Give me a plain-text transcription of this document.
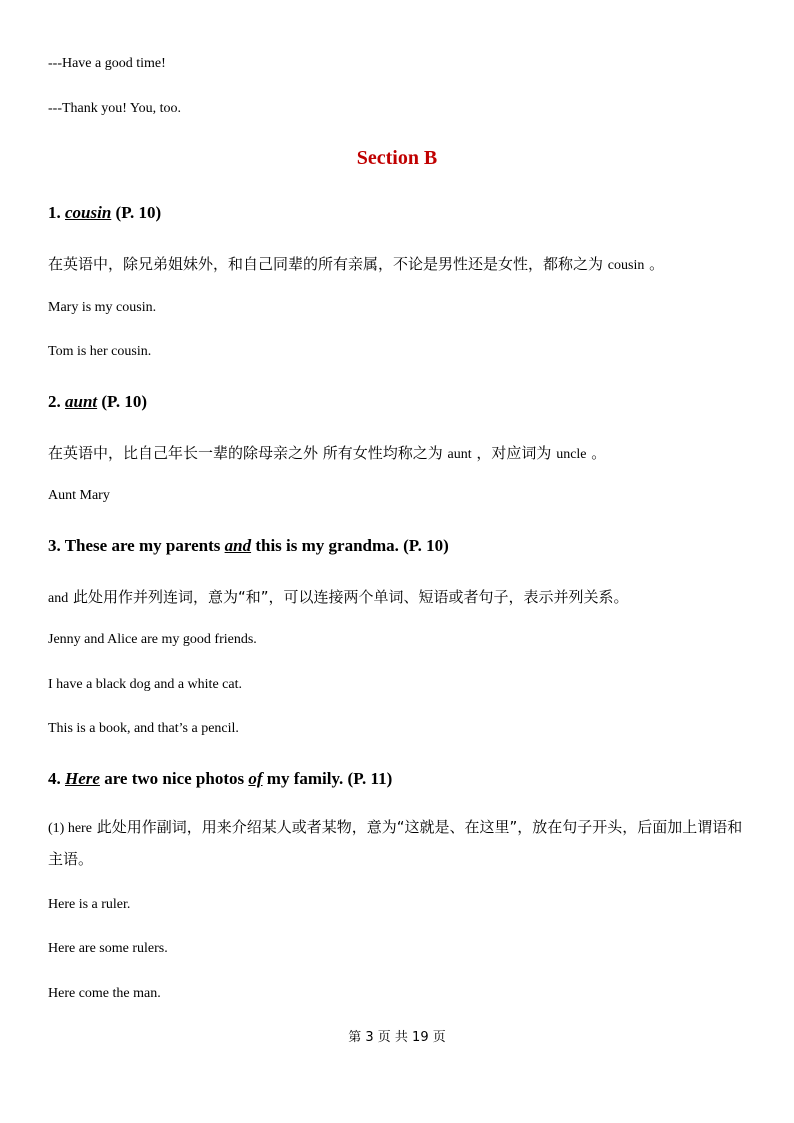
---Have a good time!
---Thank you! You, too.
Section B
1. cousin (P. 10)
在英语中，除兄弟姐妹外，和自己同辈的所有亲属，不论是男性还是女性，都称之为 cousin 。
Mary is my cousin.
Tom is her cousin.
2. aunt (P. 10)
在英语中，比自己年长一辈的除母亲之外 所有女性均称之为 aunt ，对应词为 uncle 。
Aunt Mary
3. These are my parents and this is my grandma. (P. 10)
and 此处用作并列连词，意为“和”，可以连接两个单词、短语或者句子，表示并列关系。
Jenny and Alice are my good friends.
I have a black dog and a white cat.
This is a book, and that’s a pencil.
4. Here are two nice photos of my family. (P. 11)
(1) here 此处用作副词，用来介绍某人或者某物，意为“这就是、在这里”，放在句子开头，后面加上谓语和主语。
Here is a ruler.
Here are some rulers.
Here come the man.
第 3 页 共 19 页
